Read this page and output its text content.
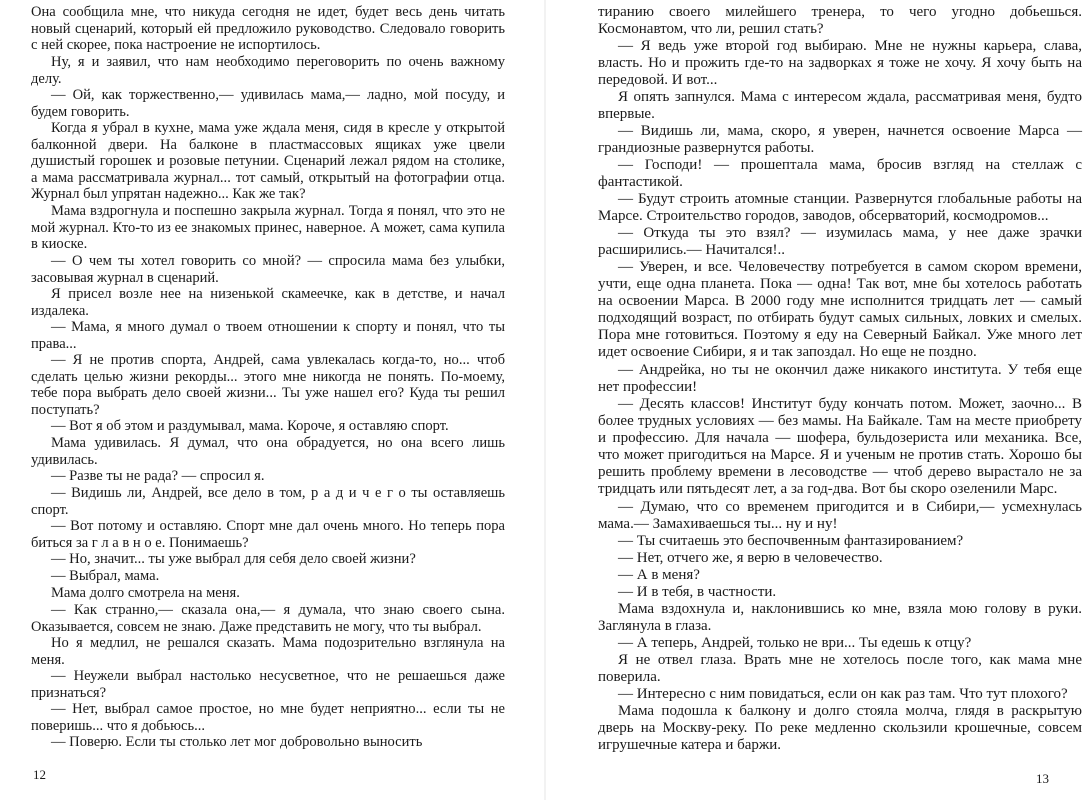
Она сообщила мне, что никуда сегодня не идет, будет весь день читать новый сценарий, который ей предложило руководство. Следовало говорить с ней скорее, пока настроение не испортилось.

Ну, я и заявил, что нам необходимо переговорить по очень важному делу.

— Ой, как торжественно,— удивилась мама,— ладно, мой посуду, и будем говорить.

Когда я убрал в кухне, мама уже ждала меня, сидя в кресле у открытой балконной двери. На балконе в пластмассовых ящиках уже цвели душистый горошек и розовые петунии. Сценарий лежал рядом на столике, а мама рассматривала журнал... тот самый, открытый на фотографии отца. Журнал был упрятан надежно... Как же так?

Мама вздрогнула и поспешно закрыла журнал. Тогда я понял, что это не мой журнал. Кто-то из ее знакомых принес, наверное. А может, сама купила в киоске.

— О чем ты хотел говорить со мной? — спросила мама без улыбки, засовывая журнал в сценарий.

Я присел возле нее на низенькой скамеечке, как в детстве, и начал издалека.

— Мама, я много думал о твоем отношении к спорту и понял, что ты права...

— Я не против спорта, Андрей, сама увлекалась когда-то, но... чтоб сделать целью жизни рекорды... этого мне никогда не понять. По-моему, тебе пора выбрать дело своей жизни... Ты уже нашел его? Куда ты решил поступать?

— Вот я об этом и раздумывал, мама. Короче, я оставляю спорт.

Мама удивилась. Я думал, что она обрадуется, но она всего лишь удивилась.

— Разве ты не рада? — спросил я.

— Видишь ли, Андрей, все дело в том, р а д и ч е г о ты оставляешь спорт.

— Вот потому и оставляю. Спорт мне дал очень много. Но теперь пора биться за г л а в н о е. Понимаешь?

— Но, значит... ты уже выбрал для себя дело своей жизни?

— Выбрал, мама.

Мама долго смотрела на меня.

— Как странно,— сказала она,— я думала, что знаю своего сына. Оказывается, совсем не знаю. Даже представить не могу, что ты выбрал.

Но я медлил, не решался сказать. Мама подозрительно взглянула на меня.

— Неужели выбрал настолько несусветное, что не решаешься даже признаться?

— Нет, выбрал самое простое, но мне будет неприятно... если ты не поверишь... что я добьюсь...

— Поверю. Если ты столько лет мог добровольно выносить

12

тиранию своего милейшего тренера, то чего угодно добьешься. Космонавтом, что ли, решил стать?

— Я ведь уже второй год выбираю. Мне не нужны карьера, слава, власть. Но и прожить где-то на задворках я тоже не хочу. Я хочу быть на передовой. И вот...

Я опять запнулся. Мама с интересом ждала, рассматривая меня, будто впервые.

— Видишь ли, мама, скоро, я уверен, начнется освоение Марса — грандиозные развернутся работы.

— Господи! — прошептала мама, бросив взгляд на стеллаж с фантастикой.

— Будут строить атомные станции. Развернутся глобальные работы на Марсе. Строительство городов, заводов, обсерваторий, космодромов...

— Откуда ты это взял? — изумилась мама, у нее даже зрачки расширились.— Начитался!..

— Уверен, и все. Человечеству потребуется в самом скором времени, учти, еще одна планета. Пока — одна! Так вот, мне бы хотелось работать на освоении Марса. В 2000 году мне исполнится тридцать лет — самый подходящий возраст, по отбирать будут самых сильных, ловких и смелых. Пора мне готовиться. Поэтому я еду на Северный Байкал. Уже много лет идет освоение Сибири, я и так запоздал. Но еще не поздно.

— Андрейка, но ты не окончил даже никакого института. У тебя еще нет профессии!

— Десять классов! Институт буду кончать потом. Может, заочно... В более трудных условиях — без мамы. На Байкале. Там на месте приобрету и профессию. Для начала — шофера, бульдозериста или механика. Все, что может пригодиться на Марсе. Я и ученым не против стать. Хорошо бы решить проблему времени в лесоводстве — чтоб дерево вырастало не за тридцать или пятьдесят лет, а за год-два. Вот бы скоро озеленили Марс.

— Думаю, что со временем пригодится и в Сибири,— усмехнулась мама.— Замахиваешься ты... ну и ну!

— Ты считаешь это беспочвенным фантазированием?

— Нет, отчего же, я верю в человечество.

— А в меня?

— И в тебя, в частности.

Мама вздохнула и, наклонившись ко мне, взяла мою голову в руки. Заглянула в глаза.

— А теперь, Андрей, только не ври... Ты едешь к отцу?

Я не отвел глаза. Врать мне не хотелось после того, как мама мне поверила.

— Интересно с ним повидаться, если он как раз там. Что тут плохого?

Мама подошла к балкону и долго стояла молча, глядя в раскрытую дверь на Москву-реку. По реке медленно скользили крошечные, совсем игрушечные катера и баржи.

13
